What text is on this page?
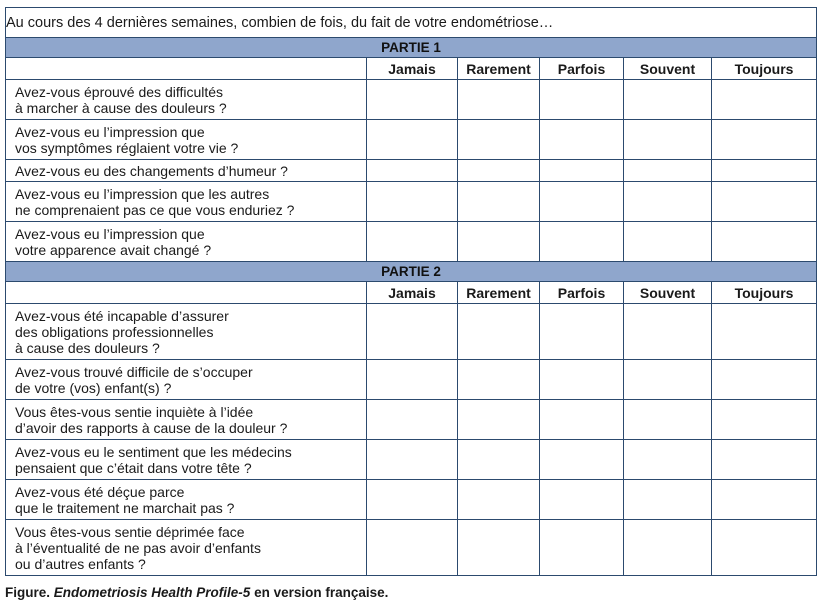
Au cours des 4 dernières semaines, combien de fois, du fait de votre endométriose…					
PARTIE 1					
	Jamais	Rarement	Parfois	Souvent	Toujours

Avez-vous éprouvé des difficultés
à marcher à cause des douleurs ?					

Avez-vous eu l’impression que
vos symptômes réglaient votre vie ?					

Avez-vous eu des changements d’humeur ?					

Avez-vous eu l’impression que les autres
ne comprenaient pas ce que vous enduriez ?					

Avez-vous eu l’impression que
votre apparence avait changé ?					

PARTIE 2					
	Jamais	Rarement	Parfois	Souvent	Toujours

Avez-vous été incapable d’assurer
des obligations professionnelles
à cause des douleurs ?					

Avez-vous trouvé difficile de s’occuper
de votre (vos) enfant(s) ?					

Vous êtes-vous sentie inquiète à l’idée
d’avoir des rapports à cause de la douleur ?					

Avez-vous eu le sentiment que les médecins
pensaient que c’était dans votre tête ?					

Avez-vous été déçue parce
que le traitement ne marchait pas ?					

Vous êtes-vous sentie déprimée face
à l’éventualité de ne pas avoir d’enfants
ou d’autres enfants ?					

Figure. Endometriosis Health Profile-5 en version française.
